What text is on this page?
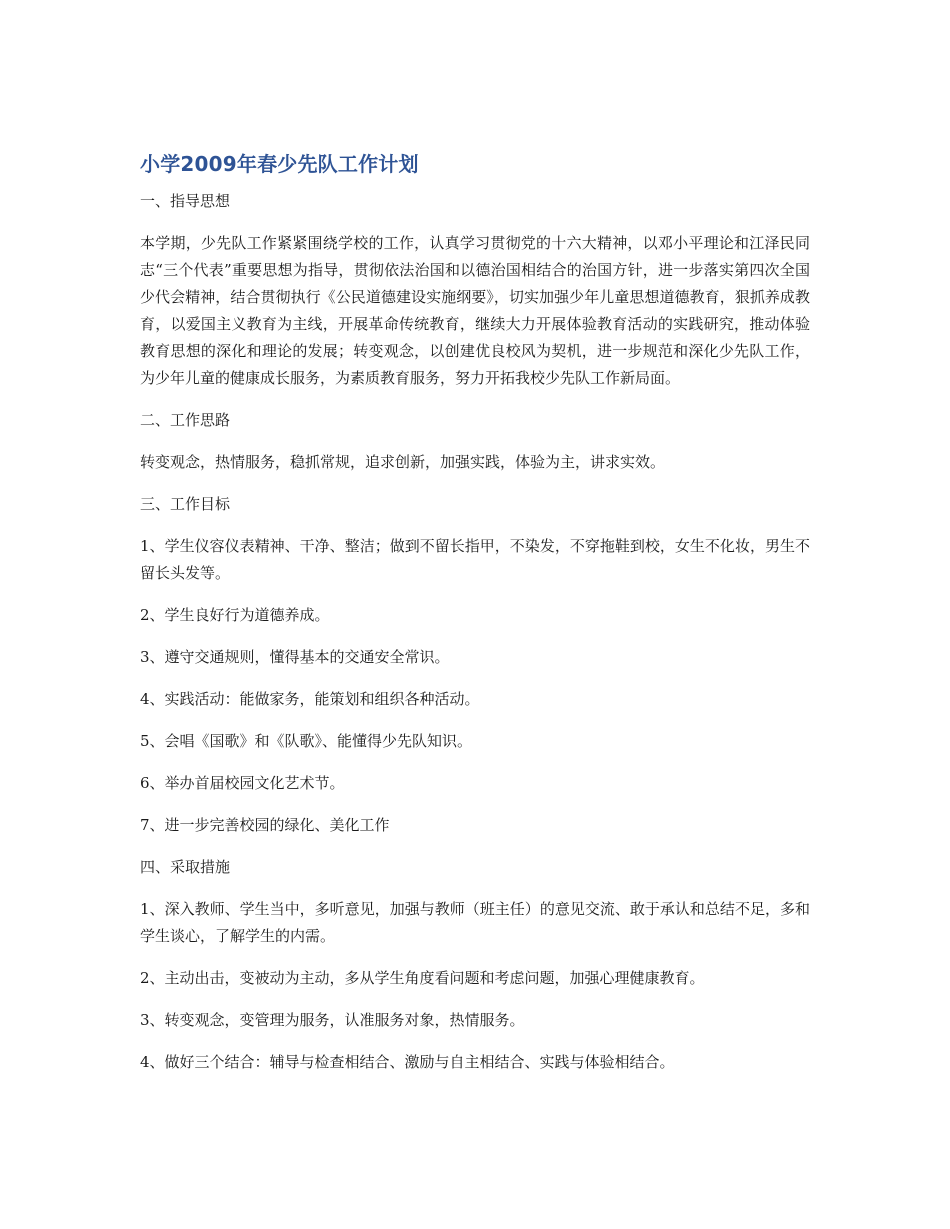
小学2009年春少先队工作计划
一、指导思想

本学期，少先队工作紧紧围绕学校的工作，认真学习贯彻党的十六大精神，以邓小平理论和江泽民同志“三个代表”重要思想为指导，贯彻依法治国和以德治国相结合的治国方针，进一步落实第四次全国少代会精神，结合贯彻执行《公民道德建设实施纲要》，切实加强少年儿童思想道德教育，狠抓养成教育，以爱国主义教育为主线，开展革命传统教育，继续大力开展体验教育活动的实践研究，推动体验教育思想的深化和理论的发展；转变观念，以创建优良校风为契机，进一步规范和深化少先队工作，为少年儿童的健康成长服务，为素质教育服务，努力开拓我校少先队工作新局面。

二、工作思路

转变观念，热情服务，稳抓常规，追求创新，加强实践，体验为主，讲求实效。

三、工作目标

1、学生仪容仪表精神、干净、整洁；做到不留长指甲，不染发，不穿拖鞋到校，女生不化妆，男生不留长头发等。

2、学生良好行为道德养成。

3、遵守交通规则，懂得基本的交通安全常识。

4、实践活动：能做家务，能策划和组织各种活动。

5、会唱《国歌》和《队歌》、能懂得少先队知识。

6、举办首届校园文化艺术节。

7、进一步完善校园的绿化、美化工作

四、采取措施

1、深入教师、学生当中，多听意见，加强与教师（班主任）的意见交流、敢于承认和总结不足，多和学生谈心，了解学生的内需。

2、主动出击，变被动为主动，多从学生角度看问题和考虑问题，加强心理健康教育。

3、转变观念，变管理为服务，认准服务对象，热情服务。

4、做好三个结合：辅导与检查相结合、激励与自主相结合、实践与体验相结合。
